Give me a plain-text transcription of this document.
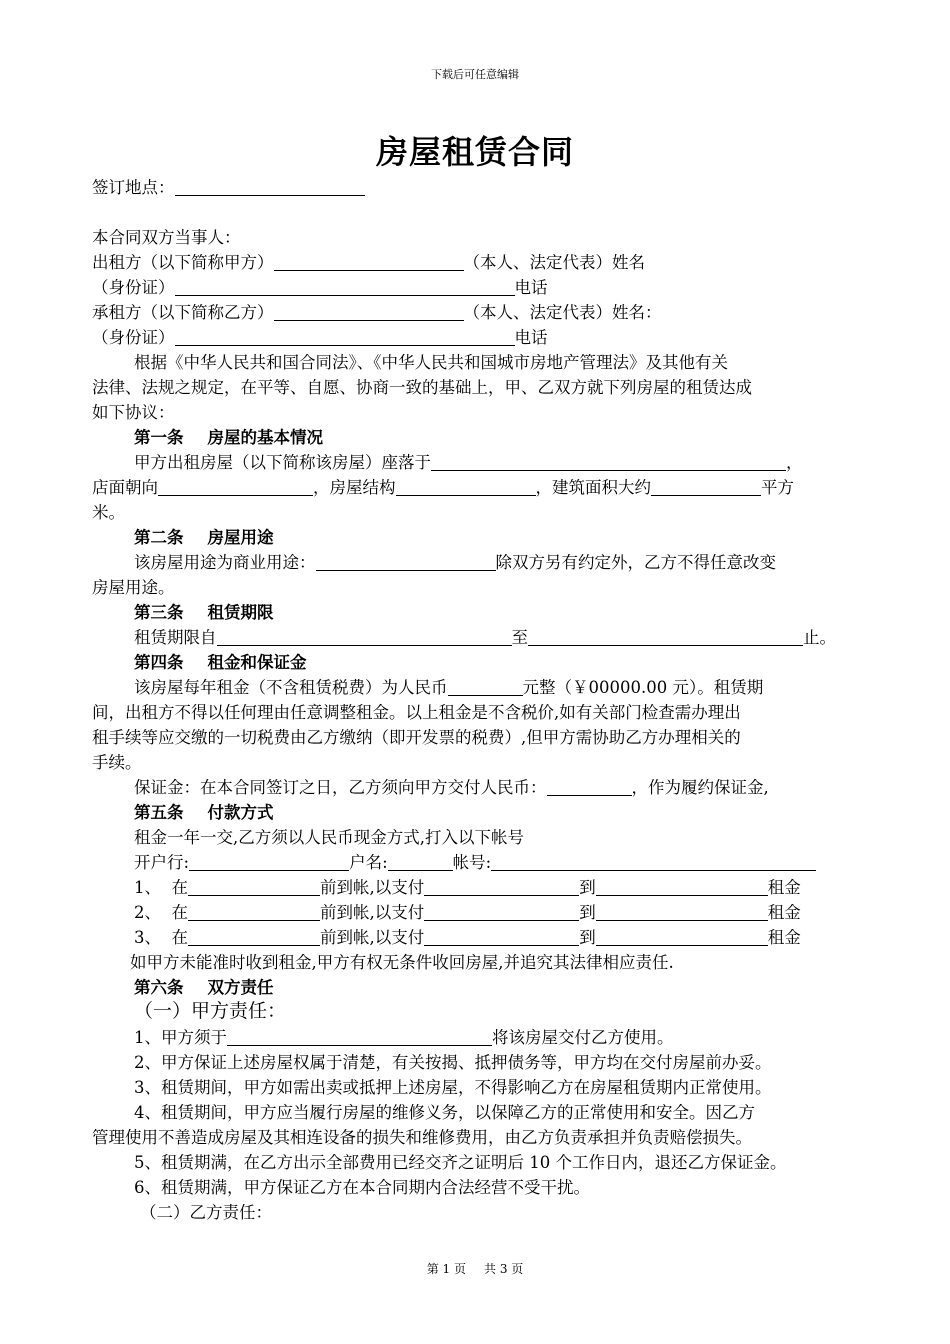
下载后可任意编辑
房屋租赁合同
签订地点：
本合同双方当事人：
出租方（以下简称甲方）	（本人、法定代表）姓名
（身份证）	电话
承租方（以下简称乙方）	（本人、法定代表）姓名：
（身份证）	电话
根据《中华人民共和国合同法》、《中华人民共和国城市房地产管理法》及其他有关
法律、法规之规定，在平等、自愿、协商一致的基础上，甲、乙双方就下列房屋的租赁达成
如下协议：
第一条 房屋的基本情况
甲方出租房屋（以下简称该房屋）座落于	，
店面朝向	，房屋结构	，建筑面积大约	平方
米。
第二条 房屋用途
该房屋用途为商业用途：	除双方另有约定外，乙方不得任意改变
房屋用途。
第三条 租赁期限
租赁期限自	至	止。
第四条 租金和保证金
该房屋每年租金（不含租赁税费）为人民币	元整（￥00000.00 元）。租赁期
间，出租方不得以任何理由任意调整租金。以上租金是不含税价,如有关部门检查需办理出
租手续等应交缴的一切税费由乙方缴纳（即开发票的税费）,但甲方需协助乙方办理相关的
手续。
保证金：在本合同签订之日，乙方须向甲方交付人民币：	，作为履约保证金,
第五条 付款方式
租金一年一交,乙方须以人民币现金方式,打入以下帐号
开户行:	户名:	帐号:
1、 在	前到帐,以支付	到	租金
2、 在	前到帐,以支付	到	租金
3、 在	前到帐,以支付	到	租金
如甲方未能准时收到租金,甲方有权无条件收回房屋,并追究其法律相应责任.
第六条 双方责任
（一）甲方责任：
1、甲方须于	将该房屋交付乙方使用。
2、甲方保证上述房屋权属于清楚，有关按揭、抵押债务等，甲方均在交付房屋前办妥。
3、租赁期间，甲方如需出卖或抵押上述房屋，不得影响乙方在房屋租赁期内正常使用。
4、租赁期间，甲方应当履行房屋的维修义务，以保障乙方的正常使用和安全。因乙方
管理使用不善造成房屋及其相连设备的损失和维修费用，由乙方负责承担并负责赔偿损失。
5、租赁期满，在乙方出示全部费用已经交齐之证明后 10 个工作日内，退还乙方保证金。
6、租赁期满，甲方保证乙方在本合同期内合法经营不受干扰。
（二）乙方责任：
第 1 页 共 3 页
